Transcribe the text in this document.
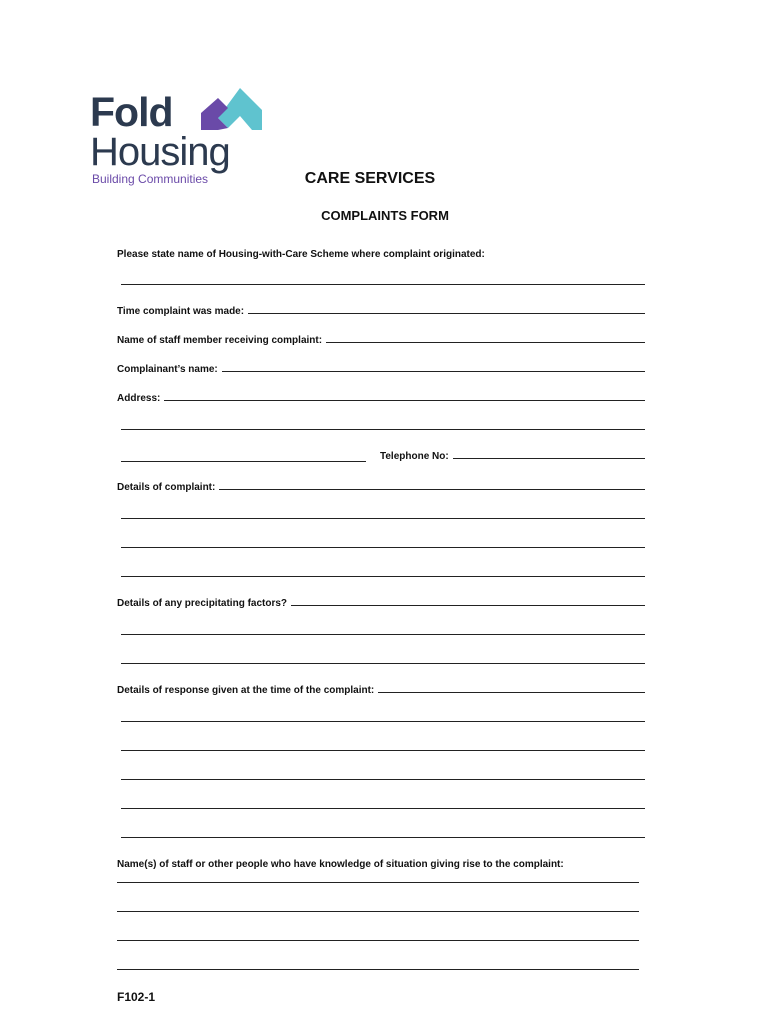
Fold
Housing
Building Communities	CARE SERVICES
COMPLAINTS FORM
Please state name of Housing-with-Care Scheme where complaint originated:
Time complaint was made:
Name of staff member receiving complaint:
Complainant’s name:
Address:
Telephone No:
Details of complaint:
Details of any precipitating factors?
Details of response given at the time of the complaint:
Name(s) of staff or other people who have knowledge of situation giving rise to the complaint:
F102-1
